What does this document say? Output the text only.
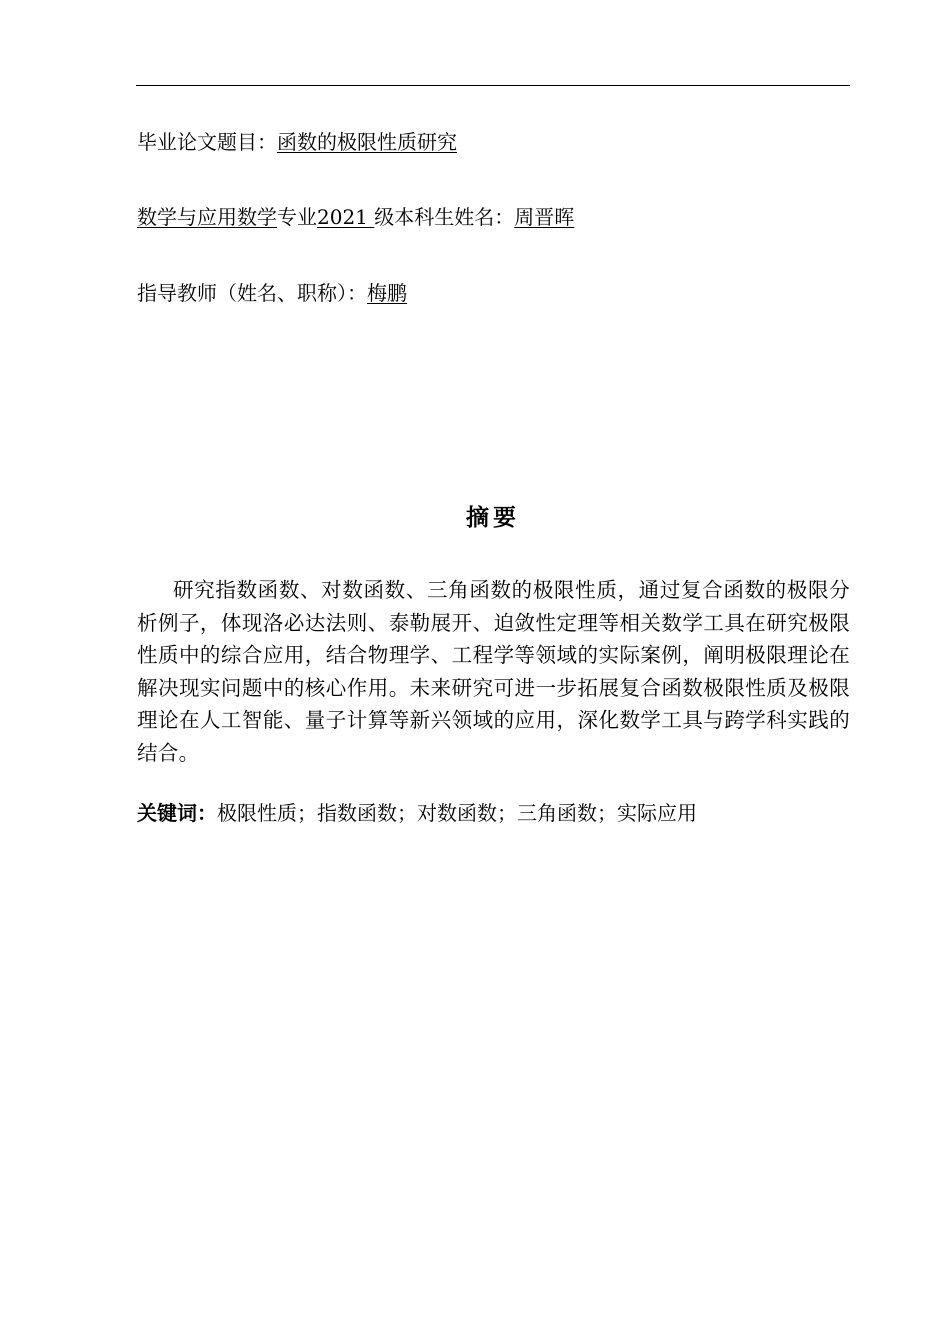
毕业论文题目：函数的极限性质研究
数学与应用数学专业2021 级本科生姓名：周晋晖
指导教师（姓名、职称）：梅鹏
摘要

研究指数函数、对数函数、三角函数的极限性质，通过复合函数的极限分析例子，体现洛必达法则、泰勒展开、迫敛性定理等相关数学工具在研究极限性质中的综合应用，结合物理学、工程学等领域的实际案例，阐明极限理论在解决现实问题中的核心作用。未来研究可进一步拓展复合函数极限性质及极限理论在人工智能、量子计算等新兴领域的应用，深化数学工具与跨学科实践的结合。

关键词：极限性质；指数函数；对数函数；三角函数；实际应用
